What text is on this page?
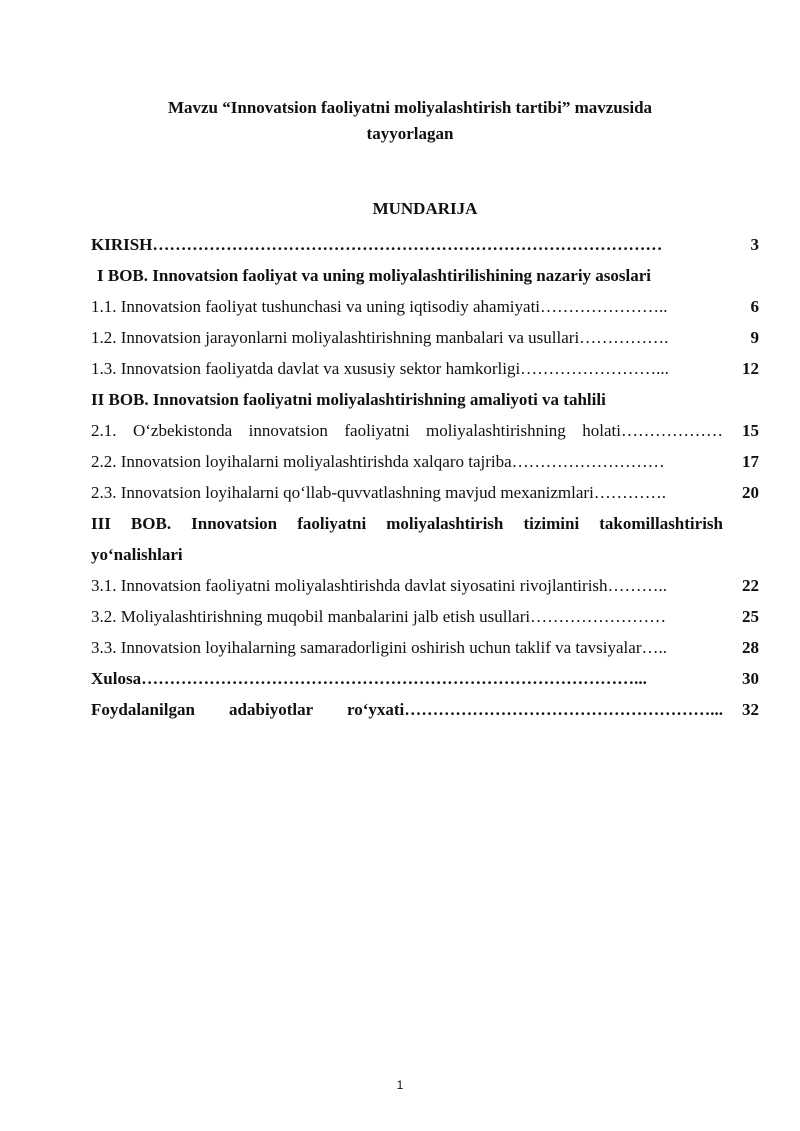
Mavzu “Innovatsion faoliyatni moliyalashtirish tartibi” mavzusida tayyorlagan
MUNDARIJA
KIRISH………………………………………………………………………………	3
I BOB. Innovatsion faoliyat va uning moliyalashtirilishining nazariy asoslari
1.1. Innovatsion faoliyat tushunchasi va uning iqtisodiy ahamiyati…………………..	6
1.2. Innovatsion jarayonlarni moliyalashtirishning manbalari va usullari…………….	9
1.3. Innovatsion faoliyatda davlat va xususiy sektor hamkorligi……………………...	12
II BOB. Innovatsion faoliyatni moliyalashtirishning amaliyoti va tahlili
2.1. O‘zbekistonda innovatsion faoliyatni moliyalashtirishning holati………………	15
2.2. Innovatsion loyihalarni moliyalashtirishda xalqaro tajriba………………………	17
2.3. Innovatsion loyihalarni qo‘llab-quvvatlashning mavjud mexanizmlari………….	20
III BOB. Innovatsion faoliyatni moliyalashtirish tizimini takomillashtirish yo‘nalishlari
3.1. Innovatsion faoliyatni moliyalashtirishda davlat siyosatini rivojlantirish………..	22
3.2. Moliyalashtirishning muqobil manbalarini jalb etish usullari……………………	25
3.3. Innovatsion loyihalarning samaradorligini oshirish uchun taklif va tavsiyalar…..	28
Xulosa……………………………………………………………………………...	30
Foydalanilgan adabiyotlar ro‘yxati………………………………………………...	32
1
